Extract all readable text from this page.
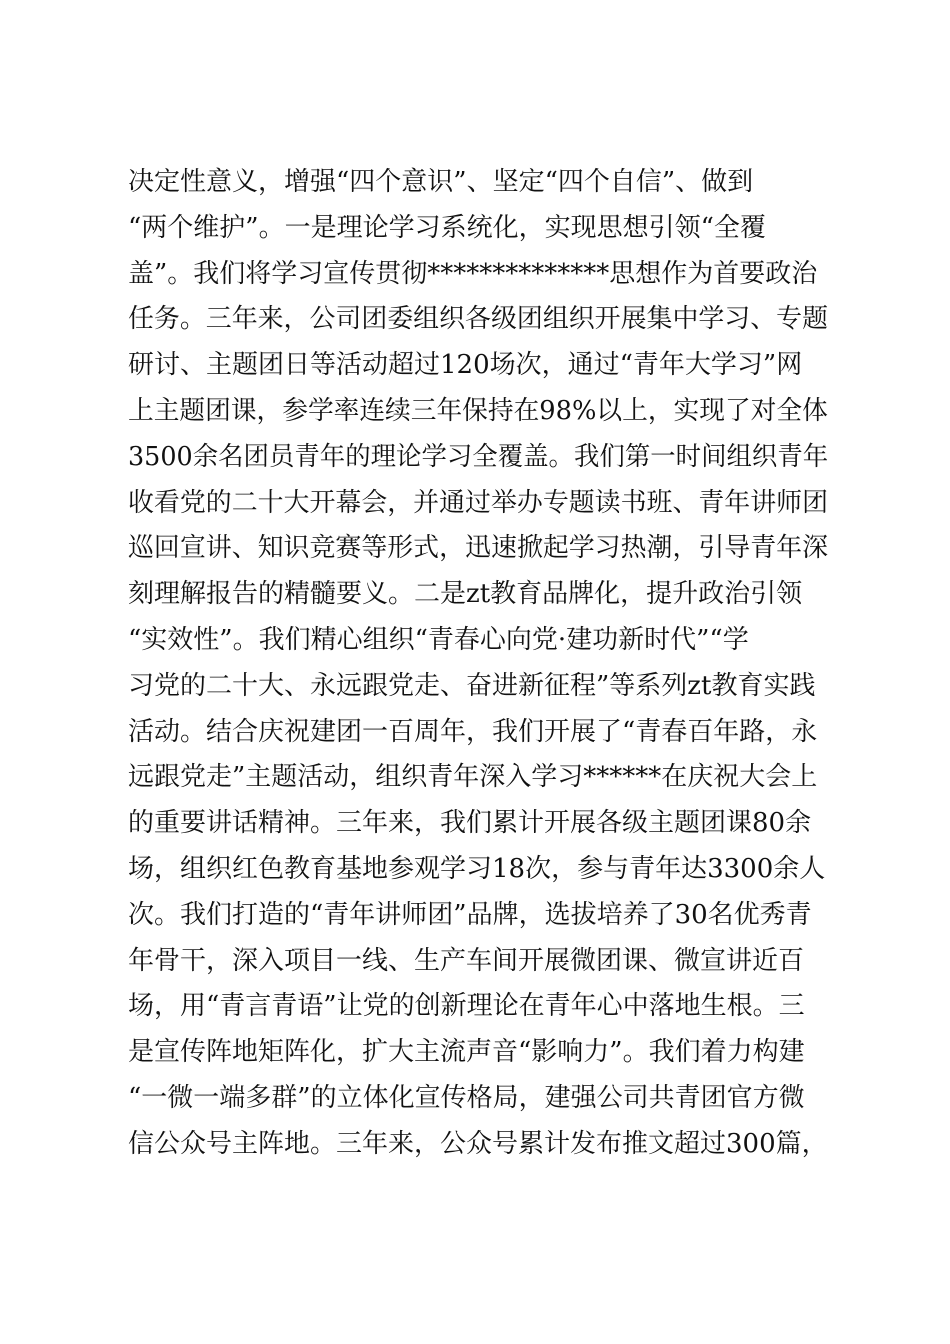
决定性意义，增强“四个意识”、坚定“四个自信”、做到
“两个维护”。一是理论学习系统化，实现思想引领“全覆
盖”。我们将学习宣传贯彻**************思想作为首要政治
任务。三年来，公司团委组织各级团组织开展集中学习、专题
研讨、主题团日等活动超过120场次，通过“青年大学习”网
上主题团课，参学率连续三年保持在98%以上，实现了对全体
3500余名团员青年的理论学习全覆盖。我们第一时间组织青年
收看党的二十大开幕会，并通过举办专题读书班、青年讲师团
巡回宣讲、知识竞赛等形式，迅速掀起学习热潮，引导青年深
刻理解报告的精髓要义。二是zt教育品牌化，提升政治引领
“实效性”。我们精心组织“青春心向党·建功新时代”“学
习党的二十大、永远跟党走、奋进新征程”等系列zt教育实践
活动。结合庆祝建团一百周年，我们开展了“青春百年路，永
远跟党走”主题活动，组织青年深入学习******在庆祝大会上
的重要讲话精神。三年来，我们累计开展各级主题团课80余
场，组织红色教育基地参观学习18次，参与青年达3300余人
次。我们打造的“青年讲师团”品牌，选拔培养了30名优秀青
年骨干，深入项目一线、生产车间开展微团课、微宣讲近百
场，用“青言青语”让党的创新理论在青年心中落地生根。三
是宣传阵地矩阵化，扩大主流声音“影响力”。我们着力构建
“一微一端多群”的立体化宣传格局，建强公司共青团官方微
信公众号主阵地。三年来，公众号累计发布推文超过300篇，
